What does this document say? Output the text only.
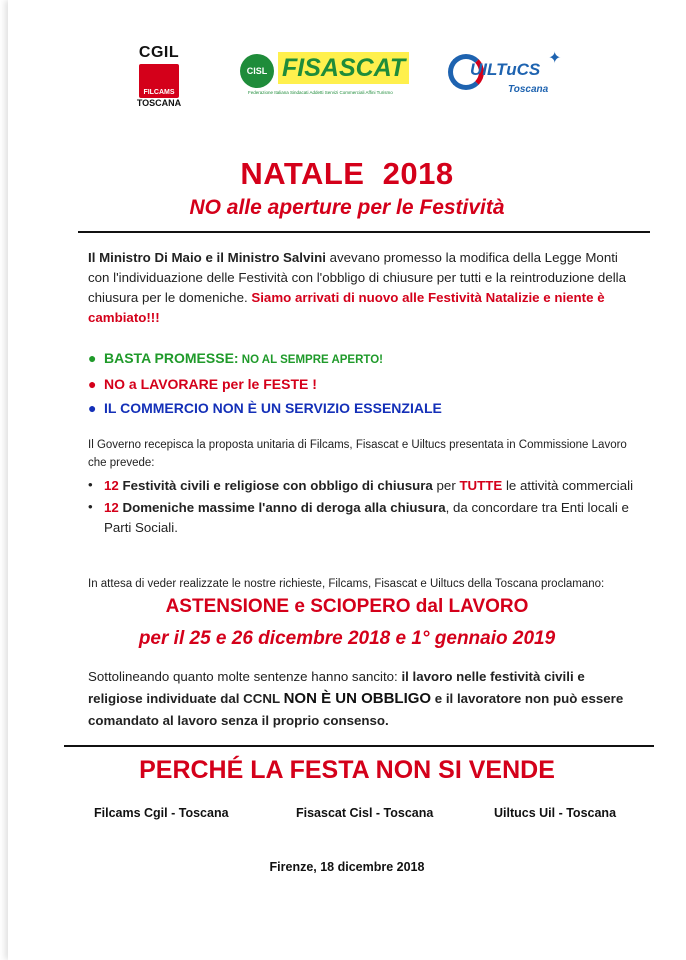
CGIL
FILCAMS
TOSCANA
CISL FISASCAT
Federazione Italiana Sindacati Addetti Servizi Commerciali Affini Turismo
UILTuCS
Toscana
✦
NATALE  2018
NO alle aperture per le Festività
Il Ministro Di Maio e il Ministro Salvini avevano promesso la modifica della Legge Monti con l'individuazione delle Festività con l'obbligo di chiusure per tutti e la reintroduzione della chiusura per le domeniche. Siamo arrivati di nuovo alle Festività Natalizie e niente è cambiato!!!
● BASTA PROMESSE: NO AL SEMPRE APERTO!
● NO a LAVORARE per le FESTE !
● IL COMMERCIO NON È UN SERVIZIO ESSENZIALE
Il Governo recepisca la proposta unitaria di Filcams, Fisascat e Uiltucs presentata in Commissione Lavoro che prevede:
• 12 Festività civili e religiose con obbligo di chiusura per TUTTE le attività commerciali
• 12 Domeniche massime l'anno di deroga alla chiusura, da concordare tra Enti locali e Parti Sociali.
In attesa di veder realizzate le nostre richieste, Filcams, Fisascat e Uiltucs della Toscana proclamano:
ASTENSIONE e SCIOPERO dal LAVORO
per il 25 e 26 dicembre 2018 e 1° gennaio 2019
Sottolineando quanto molte sentenze hanno sancito: il lavoro nelle festività civili e religiose individuate dal CCNL NON È UN OBBLIGO e il lavoratore non può essere comandato al lavoro senza il proprio consenso.
PERCHÉ LA FESTA NON SI VENDE
Filcams Cgil - Toscana	Fisascat Cisl - Toscana	Uiltucs Uil - Toscana
Firenze, 18 dicembre 2018
